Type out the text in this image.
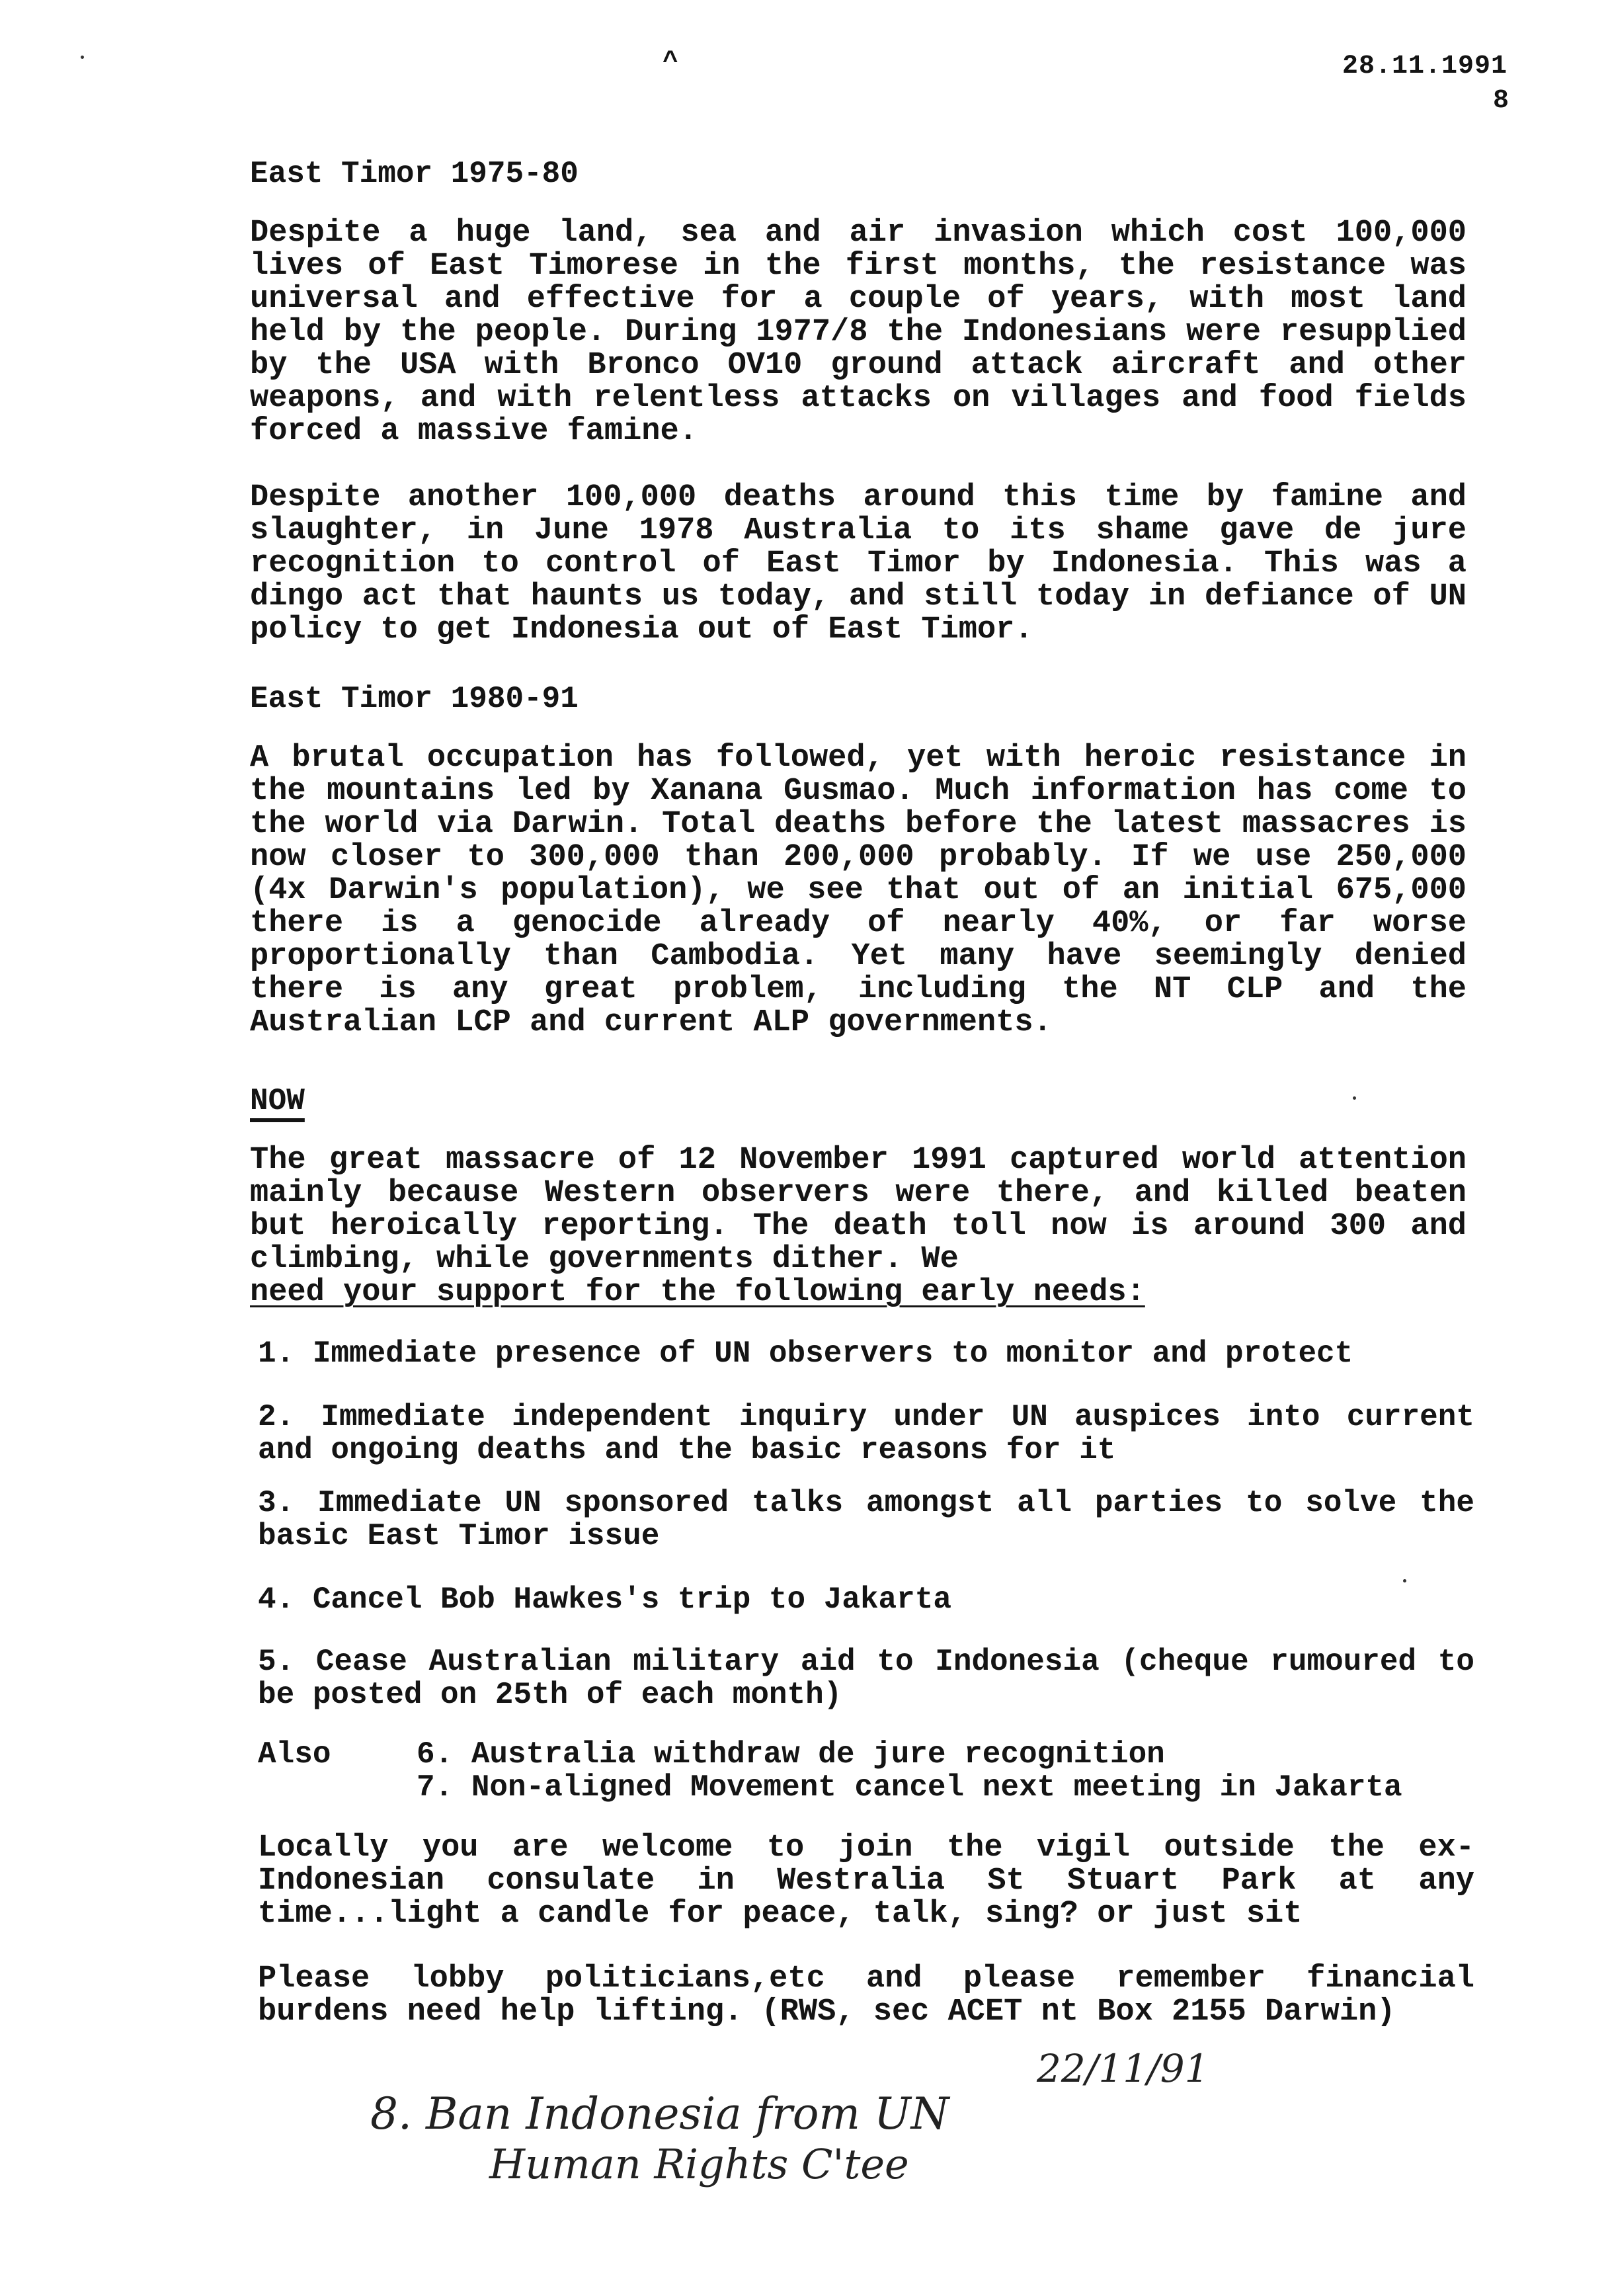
^	28.11.1991
8

East Timor 1975-80

Despite a huge land, sea and air invasion which cost 100,000 lives of East Timorese in the first months, the resistance was universal and effective for a couple of years, with most land held by the people. During 1977/8 the Indonesians were resupplied by the USA with Bronco OV10 ground attack aircraft and other weapons, and with relentless attacks on villages and food fields forced a massive famine.

Despite another 100,000 deaths around this time by famine and slaughter, in June 1978 Australia to its shame gave de jure recognition to control of East Timor by Indonesia. This was a dingo act that haunts us today, and still today in defiance of UN policy to get Indonesia out of East Timor.

East Timor 1980-91

A brutal occupation has followed, yet with heroic resistance in the mountains led by Xanana Gusmao. Much information has come to the world via Darwin. Total deaths before the latest massacres is now closer to 300,000 than 200,000 probably. If we use 250,000 (4x Darwin's population), we see that out of an initial 675,000 there is a genocide already of nearly 40%, or far worse proportionally than Cambodia. Yet many have seemingly denied there is any great problem, including the NT CLP and the Australian LCP and current ALP governments.

NOW

The great massacre of 12 November 1991 captured world attention mainly because Western observers were there, and killed beaten but heroically reporting. The death toll now is around 300 and climbing, while governments dither. We

need your support for the following early needs:

1. Immediate presence of UN observers to monitor and protect
2. Immediate independent inquiry under UN auspices into current and ongoing deaths and the basic reasons for it
3. Immediate UN sponsored talks amongst all parties to solve the basic East Timor issue
4. Cancel Bob Hawkes's trip to Jakarta
5. Cease Australian military aid to Indonesia (cheque rumoured to be posted on 25th of each month)
Also	6. Australia withdraw de jure recognition
7. Non-aligned Movement cancel next meeting in Jakarta

Locally you are welcome to join the vigil outside the ex-Indonesian consulate in Westralia St Stuart Park at any time...light a candle for peace, talk, sing? or just sit

Please lobby politicians,etc and please remember financial burdens need help lifting. (RWS, sec ACET nt Box 2155 Darwin)

22/11/91
8. Ban Indonesia from UN
Human Rights C'tee
